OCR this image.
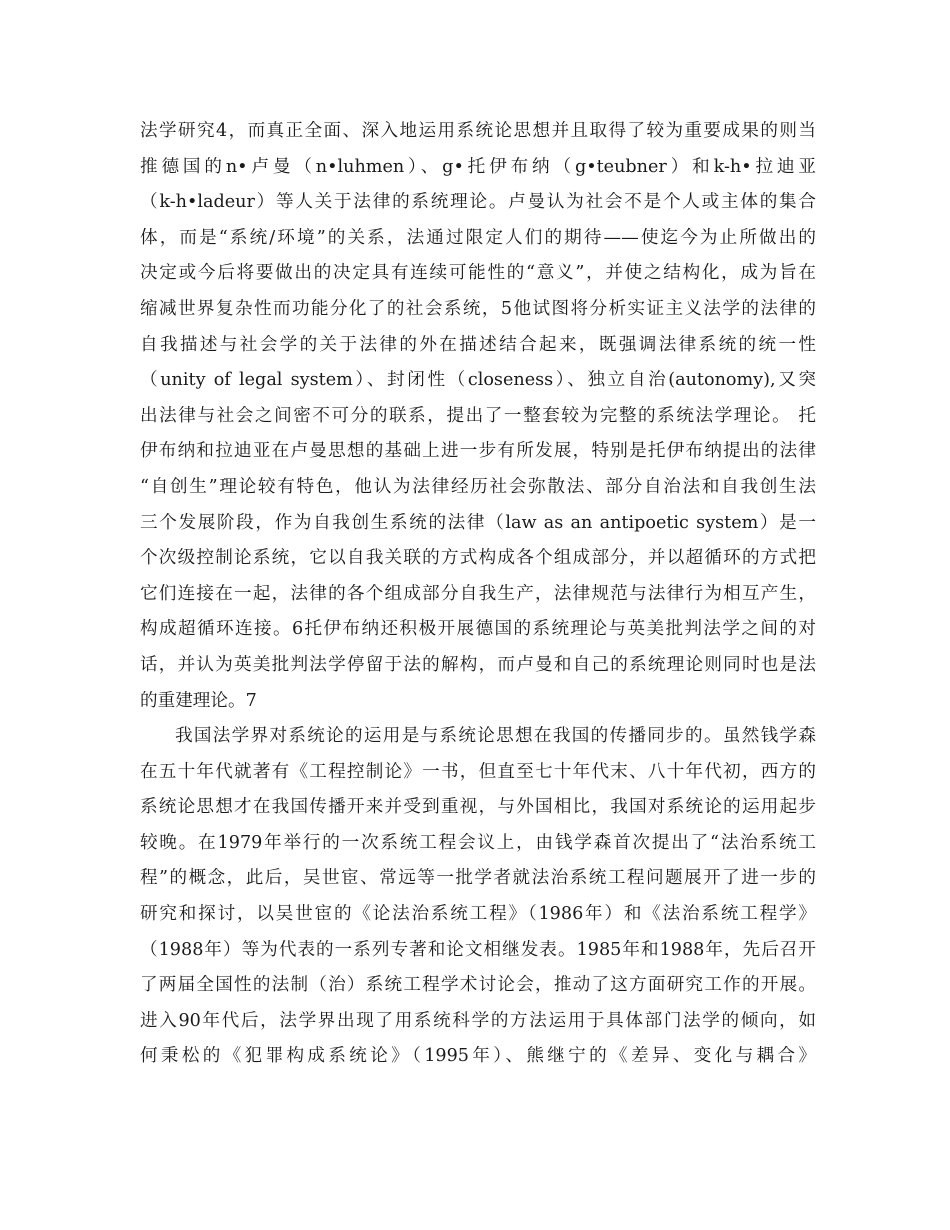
法学研究4，而真正全面、深入地运用系统论思想并且取得了较为重要成果的则当
推德国的n•卢曼（n•luhmen）、g•托伊布纳（g•teubner）和k-h•拉迪亚
（k-h•ladeur）等人关于法律的系统理论。卢曼认为社会不是个人或主体的集合
体，而是“系统/环境”的关系，法通过限定人们的期待——使迄今为止所做出的
决定或今后将要做出的决定具有连续可能性的“意义”，并使之结构化，成为旨在
缩减世界复杂性而功能分化了的社会系统，5他试图将分析实证主义法学的法律的
自我描述与社会学的关于法律的外在描述结合起来，既强调法律系统的统一性
（unity of legal system）、封闭性（closeness）、独立自治(autonomy),又突
出法律与社会之间密不可分的联系，提出了一整套较为完整的系统法学理论。 托
伊布纳和拉迪亚在卢曼思想的基础上进一步有所发展，特别是托伊布纳提出的法律
“自创生”理论较有特色，他认为法律经历社会弥散法、部分自治法和自我创生法
三个发展阶段，作为自我创生系统的法律（law as an antipoetic system）是一
个次级控制论系统，它以自我关联的方式构成各个组成部分，并以超循环的方式把
它们连接在一起，法律的各个组成部分自我生产，法律规范与法律行为相互产生，
构成超循环连接。6托伊布纳还积极开展德国的系统理论与英美批判法学之间的对
话，并认为英美批判法学停留于法的解构，而卢曼和自己的系统理论则同时也是法
的重建理论。7
我国法学界对系统论的运用是与系统论思想在我国的传播同步的。虽然钱学森
在五十年代就著有《工程控制论》一书，但直至七十年代末、八十年代初，西方的
系统论思想才在我国传播开来并受到重视，与外国相比，我国对系统论的运用起步
较晚。在1979年举行的一次系统工程会议上，由钱学森首次提出了“法治系统工
程”的概念，此后，吴世宦、常远等一批学者就法治系统工程问题展开了进一步的
研究和探讨，以吴世宦的《论法治系统工程》（1986年）和《法治系统工程学》
（1988年）等为代表的一系列专著和论文相继发表。1985年和1988年，先后召开
了两届全国性的法制（治）系统工程学术讨论会，推动了这方面研究工作的开展。
进入90年代后，法学界出现了用系统科学的方法运用于具体部门法学的倾向，如
何秉松的《犯罪构成系统论》（1995年）、熊继宁的《差异、变化与耦合》
